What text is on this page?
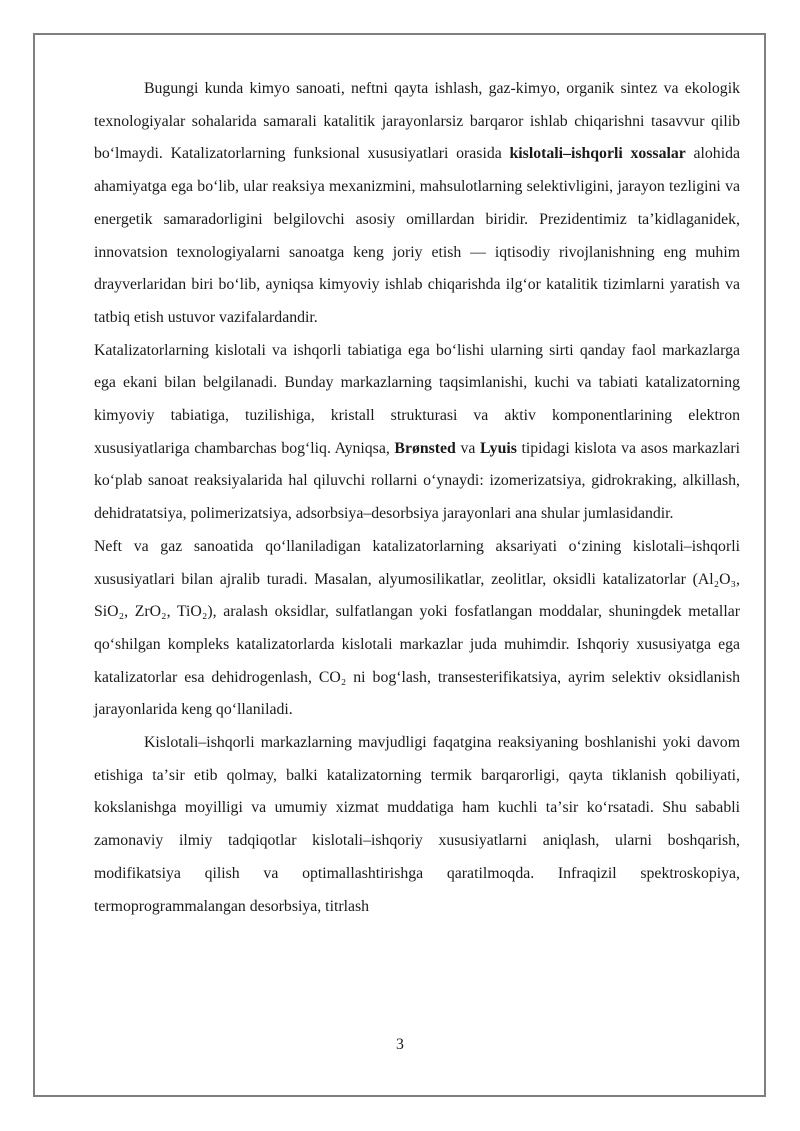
Bugungi kunda kimyo sanoati, neftni qayta ishlash, gaz-kimyo, organik sintez va ekologik texnologiyalar sohalarida samarali katalitik jarayonlarsiz barqaror ishlab chiqarishni tasavvur qilib boʻlmaydi. Katalizatorlarning funksional xususiyatlari orasida kislotali–ishqorli xossalar alohida ahamiyatga ega boʻlib, ular reaksiya mexanizmini, mahsulotlarning selektivligini, jarayon tezligini va energetik samaradorligini belgilovchi asosiy omillardan biridir. Prezidentimiz taʼkidlaganidek, innovatsion texnologiyalarni sanoatga keng joriy etish — iqtisodiy rivojlanishning eng muhim drayverlaridan biri boʻlib, ayniqsa kimyoviy ishlab chiqarishda ilgʻor katalitik tizimlarni yaratish va tatbiq etish ustuvor vazifalardandir.

Katalizatorlarning kislotali va ishqorli tabiatiga ega boʻlishi ularning sirti qanday faol markazlarga ega ekani bilan belgilanadi. Bunday markazlarning taqsimlanishi, kuchi va tabiati katalizatorning kimyoviy tabiatiga, tuzilishiga, kristall strukturasi va aktiv komponentlarining elektron xususiyatlariga chambarchas bogʻliq. Ayniqsa, Brønsted va Lyuis tipidagi kislota va asos markazlari koʻplab sanoat reaksiyalarida hal qiluvchi rollarni oʻynaydi: izomerizatsiya, gidrokraking, alkillash, dehidratatsiya, polimerizatsiya, adsorbsiya–desorbsiya jarayonlari ana shular jumlasidandir.

Neft va gaz sanoatida qoʻllaniladigan katalizatorlarning aksariyati oʻzining kislotali–ishqorli xususiyatlari bilan ajralib turadi. Masalan, alyumosilikatlar, zeolitlar, oksidli katalizatorlar (Al₂O₃, SiO₂, ZrO₂, TiO₂), aralash oksidlar, sulfatlangan yoki fosfatlangan moddalar, shuningdek metallar qoʻshilgan kompleks katalizatorlarda kislotali markazlar juda muhimdir. Ishqoriy xususiyatga ega katalizatorlar esa dehidrogenlash, CO₂ ni bogʻlash, transesterifikatsiya, ayrim selektiv oksidlanish jarayonlarida keng qoʻllaniladi.

Kislotali–ishqorli markazlarning mavjudligi faqatgina reaksiyaning boshlanishi yoki davom etishiga taʼsir etib qolmay, balki katalizatorning termik barqarorligi, qayta tiklanish qobiliyati, kokslanishga moyilligi va umumiy xizmat muddatiga ham kuchli taʼsir koʻrsatadi. Shu sababli zamonaviy ilmiy tadqiqotlar kislotali–ishqoriy xususiyatlarni aniqlash, ularni boshqarish, modifikatsiya qilish va optimallashtirishga qaratilmoqda. Infraqizil spektroskopiya, termoprogrammalangan desorbsiya, titrlash

3
